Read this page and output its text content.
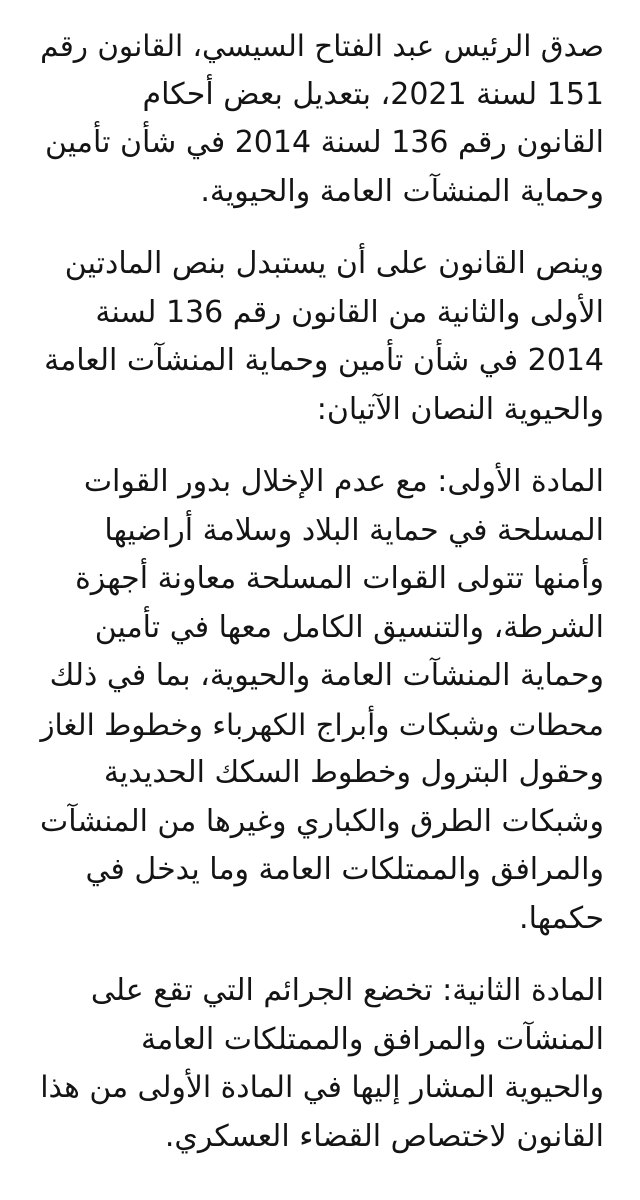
صدق الرئيس عبد الفتاح السيسي، القانون رقم
151 لسنة 2021، بتعديل بعض أحكام
القانون رقم 136 لسنة 2014 في شأن تأمين
وحماية المنشآت العامة والحيوية.

وينص القانون على أن يستبدل بنص المادتين
الأولى والثانية من القانون رقم 136 لسنة
2014 في شأن تأمين وحماية المنشآت العامة
والحيوية النصان الآتيان:

المادة الأولى: مع عدم الإخلال بدور القوات
المسلحة في حماية البلاد وسلامة أراضيها
وأمنها تتولى القوات المسلحة معاونة أجهزة
الشرطة، والتنسيق الكامل معها في تأمين
وحماية المنشآت العامة والحيوية، بما في ذلك
محطات وشبكات وأبراج الكهرباء وخطوط الغاز
وحقول البترول وخطوط السكك الحديدية
وشبكات الطرق والكباري وغيرها من المنشآت
والمرافق والممتلكات العامة وما يدخل في
حكمها.

المادة الثانية: تخضع الجرائم التي تقع على
المنشآت والمرافق والممتلكات العامة
والحيوية المشار إليها في المادة الأولى من هذا
القانون لاختصاص القضاء العسكري.
